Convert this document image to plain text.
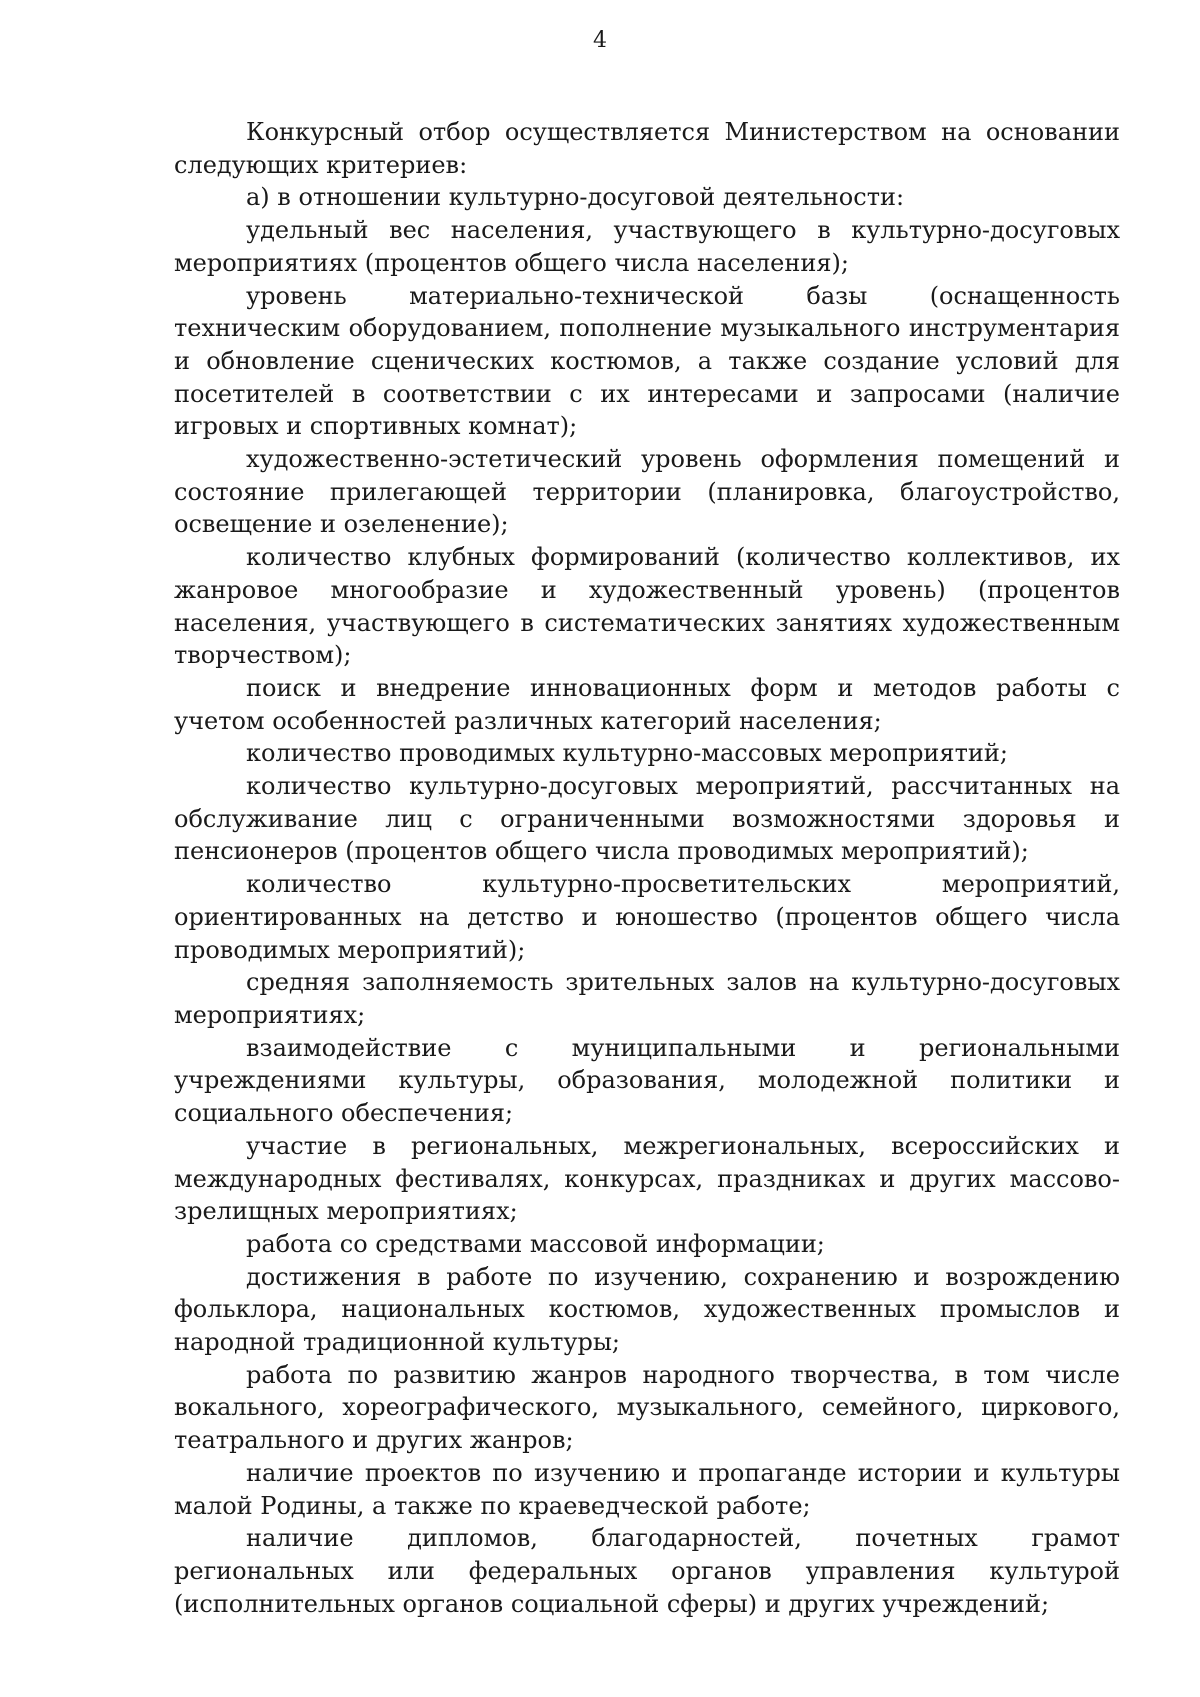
4

Конкурсный отбор осуществляется Министерством на основании следующих критериев:

а) в отношении культурно-досуговой деятельности:

удельный вес населения, участвующего в культурно-досуговых мероприятиях (процентов общего числа населения);

уровень материально-технической базы (оснащенность техническим оборудованием, пополнение музыкального инструментария и обновление сценических костюмов, а также создание условий для посетителей в соответствии с их интересами и запросами (наличие игровых и спортивных комнат);

художественно-эстетический уровень оформления помещений и состояние прилегающей территории (планировка, благоустройство, освещение и озеленение);

количество клубных формирований (количество коллективов, их жанровое многообразие и художественный уровень) (процентов населения, участвующего в систематических занятиях художественным творчеством);

поиск и внедрение инновационных форм и методов работы с учетом особенностей различных категорий населения;

количество проводимых культурно-массовых мероприятий;

количество культурно-досуговых мероприятий, рассчитанных на обслуживание лиц с ограниченными возможностями здоровья и пенсионеров (процентов общего числа проводимых мероприятий);

количество культурно-просветительских мероприятий, ориентированных на детство и юношество (процентов общего числа проводимых мероприятий);

средняя заполняемость зрительных залов на культурно-досуговых мероприятиях;

взаимодействие с муниципальными и региональными учреждениями культуры, образования, молодежной политики и социального обеспечения;

участие в региональных, межрегиональных, всероссийских и международных фестивалях, конкурсах, праздниках и других массово-зрелищных мероприятиях;

работа со средствами массовой информации;

достижения в работе по изучению, сохранению и возрождению фольклора, национальных костюмов, художественных промыслов и народной традиционной культуры;

работа по развитию жанров народного творчества, в том числе вокального, хореографического, музыкального, семейного, циркового, театрального и других жанров;

наличие проектов по изучению и пропаганде истории и культуры малой Родины, а также по краеведческой работе;

наличие дипломов, благодарностей, почетных грамот региональных или федеральных органов управления культурой (исполнительных органов социальной сферы) и других учреждений;
